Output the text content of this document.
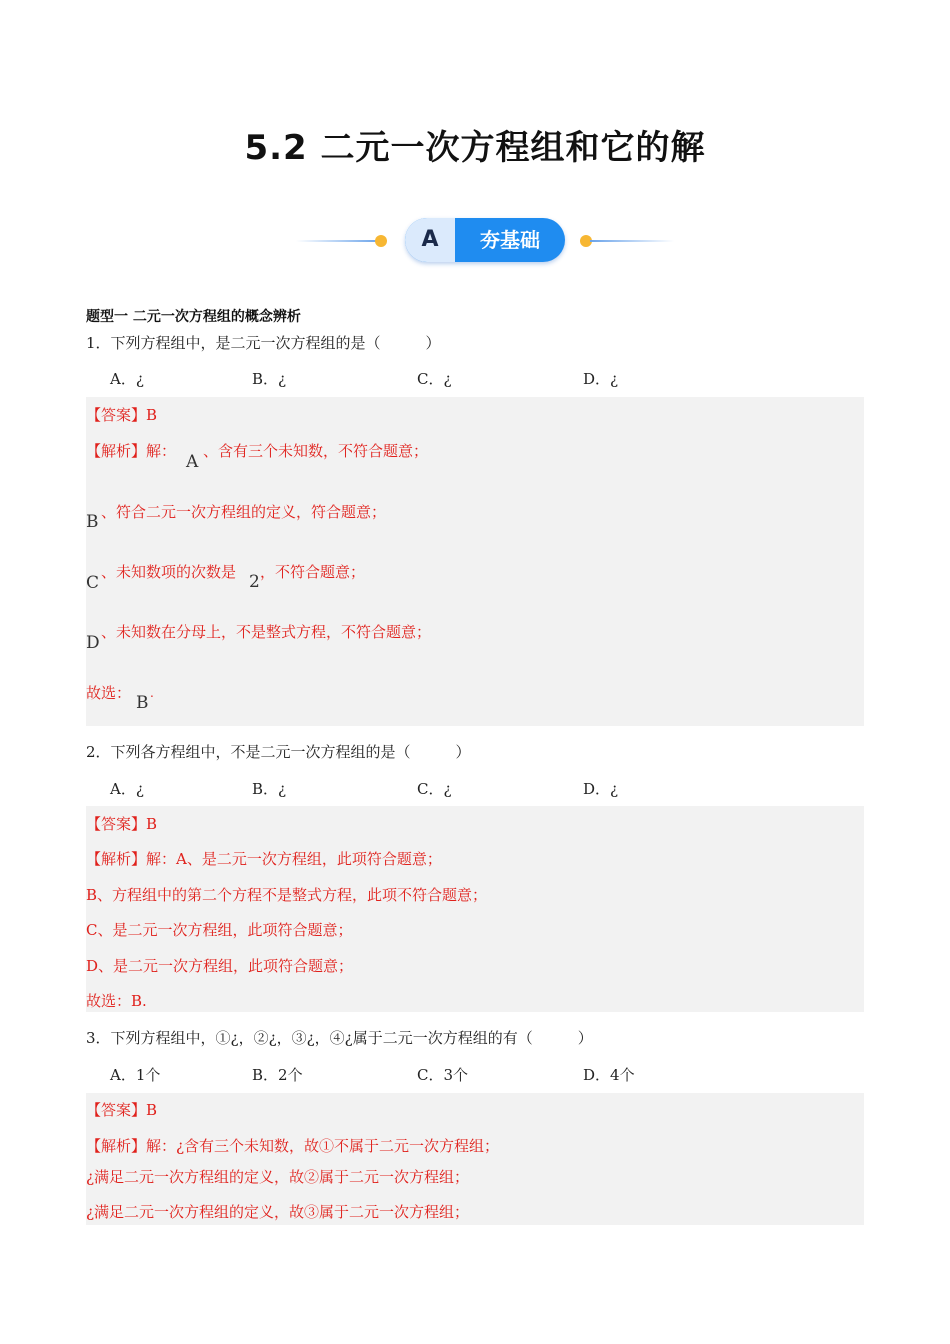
5.2 二元一次方程组和它的解
A	夯基础
题型一 二元一次方程组的概念辨析
1．下列方程组中，是二元一次方程组的是（　　　）
A．¿	B．¿	C．¿	D．¿
【答案】B
【解析】解：
A
、含有三个未知数，不符合题意；
B 、符合二元一次方程组的定义，符合题意；
C
、未知数项的次数是 2 ，不符合题意；
D
、未知数在分母上，不是整式方程，不符合题意；
故选： B .
2．下列各方程组中，不是二元一次方程组的是（　　　）
A．¿	B．¿	C．¿	D．¿
【答案】B
【解析】解：A、是二元一次方程组，此项符合题意；
B、方程组中的第二个方程不是整式方程，此项不符合题意；
C、是二元一次方程组，此项符合题意；
D、是二元一次方程组，此项符合题意；
故选：B.
3．下列方程组中，①¿，②¿，③¿，④¿属于二元一次方程组的有（　　　）
A．1个	B．2个	C．3个	D．4个
【答案】B
【解析】解：¿含有三个未知数，故①不属于二元一次方程组；
¿满足二元一次方程组的定义，故②属于二元一次方程组；
¿满足二元一次方程组的定义，故③属于二元一次方程组；
